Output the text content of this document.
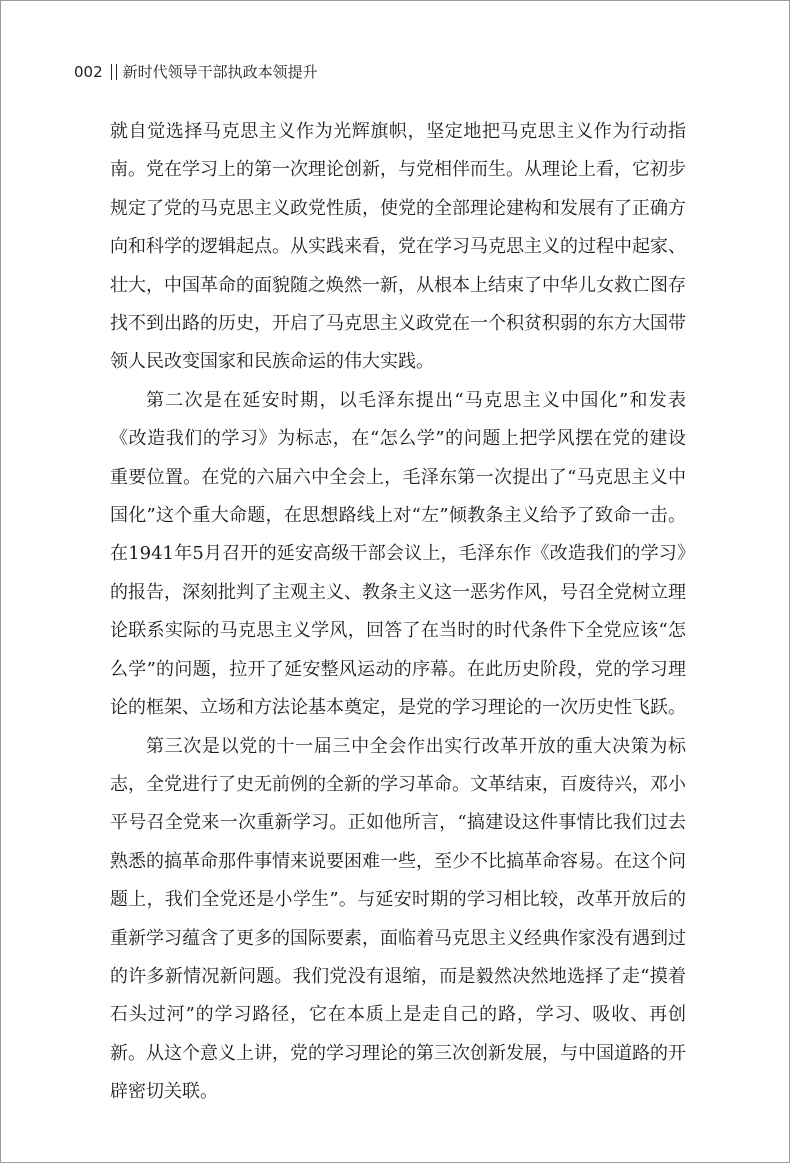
002 新时代领导干部执政本领提升

就自觉选择马克思主义作为光辉旗帜，坚定地把马克思主义作为行动指南。党在学习上的第一次理论创新，与党相伴而生。从理论上看，它初步规定了党的马克思主义政党性质，使党的全部理论建构和发展有了正确方向和科学的逻辑起点。从实践来看，党在学习马克思主义的过程中起家、壮大，中国革命的面貌随之焕然一新，从根本上结束了中华儿女救亡图存找不到出路的历史，开启了马克思主义政党在一个积贫积弱的东方大国带领人民改变国家和民族命运的伟大实践。

第二次是在延安时期，以毛泽东提出“马克思主义中国化”和发表《改造我们的学习》为标志，在“怎么学”的问题上把学风摆在党的建设重要位置。在党的六届六中全会上，毛泽东第一次提出了“马克思主义中国化”这个重大命题，在思想路线上对“左”倾教条主义给予了致命一击。在1941年5月召开的延安高级干部会议上，毛泽东作《改造我们的学习》的报告，深刻批判了主观主义、教条主义这一恶劣作风，号召全党树立理论联系实际的马克思主义学风，回答了在当时的时代条件下全党应该“怎么学”的问题，拉开了延安整风运动的序幕。在此历史阶段，党的学习理论的框架、立场和方法论基本奠定，是党的学习理论的一次历史性飞跃。

第三次是以党的十一届三中全会作出实行改革开放的重大决策为标志，全党进行了史无前例的全新的学习革命。文革结束，百废待兴，邓小平号召全党来一次重新学习。正如他所言，“搞建设这件事情比我们过去熟悉的搞革命那件事情来说要困难一些，至少不比搞革命容易。在这个问题上，我们全党还是小学生”。与延安时期的学习相比较，改革开放后的重新学习蕴含了更多的国际要素，面临着马克思主义经典作家没有遇到过的许多新情况新问题。我们党没有退缩，而是毅然决然地选择了走“摸着石头过河”的学习路径，它在本质上是走自己的路，学习、吸收、再创新。从这个意义上讲，党的学习理论的第三次创新发展，与中国道路的开辟密切关联。
